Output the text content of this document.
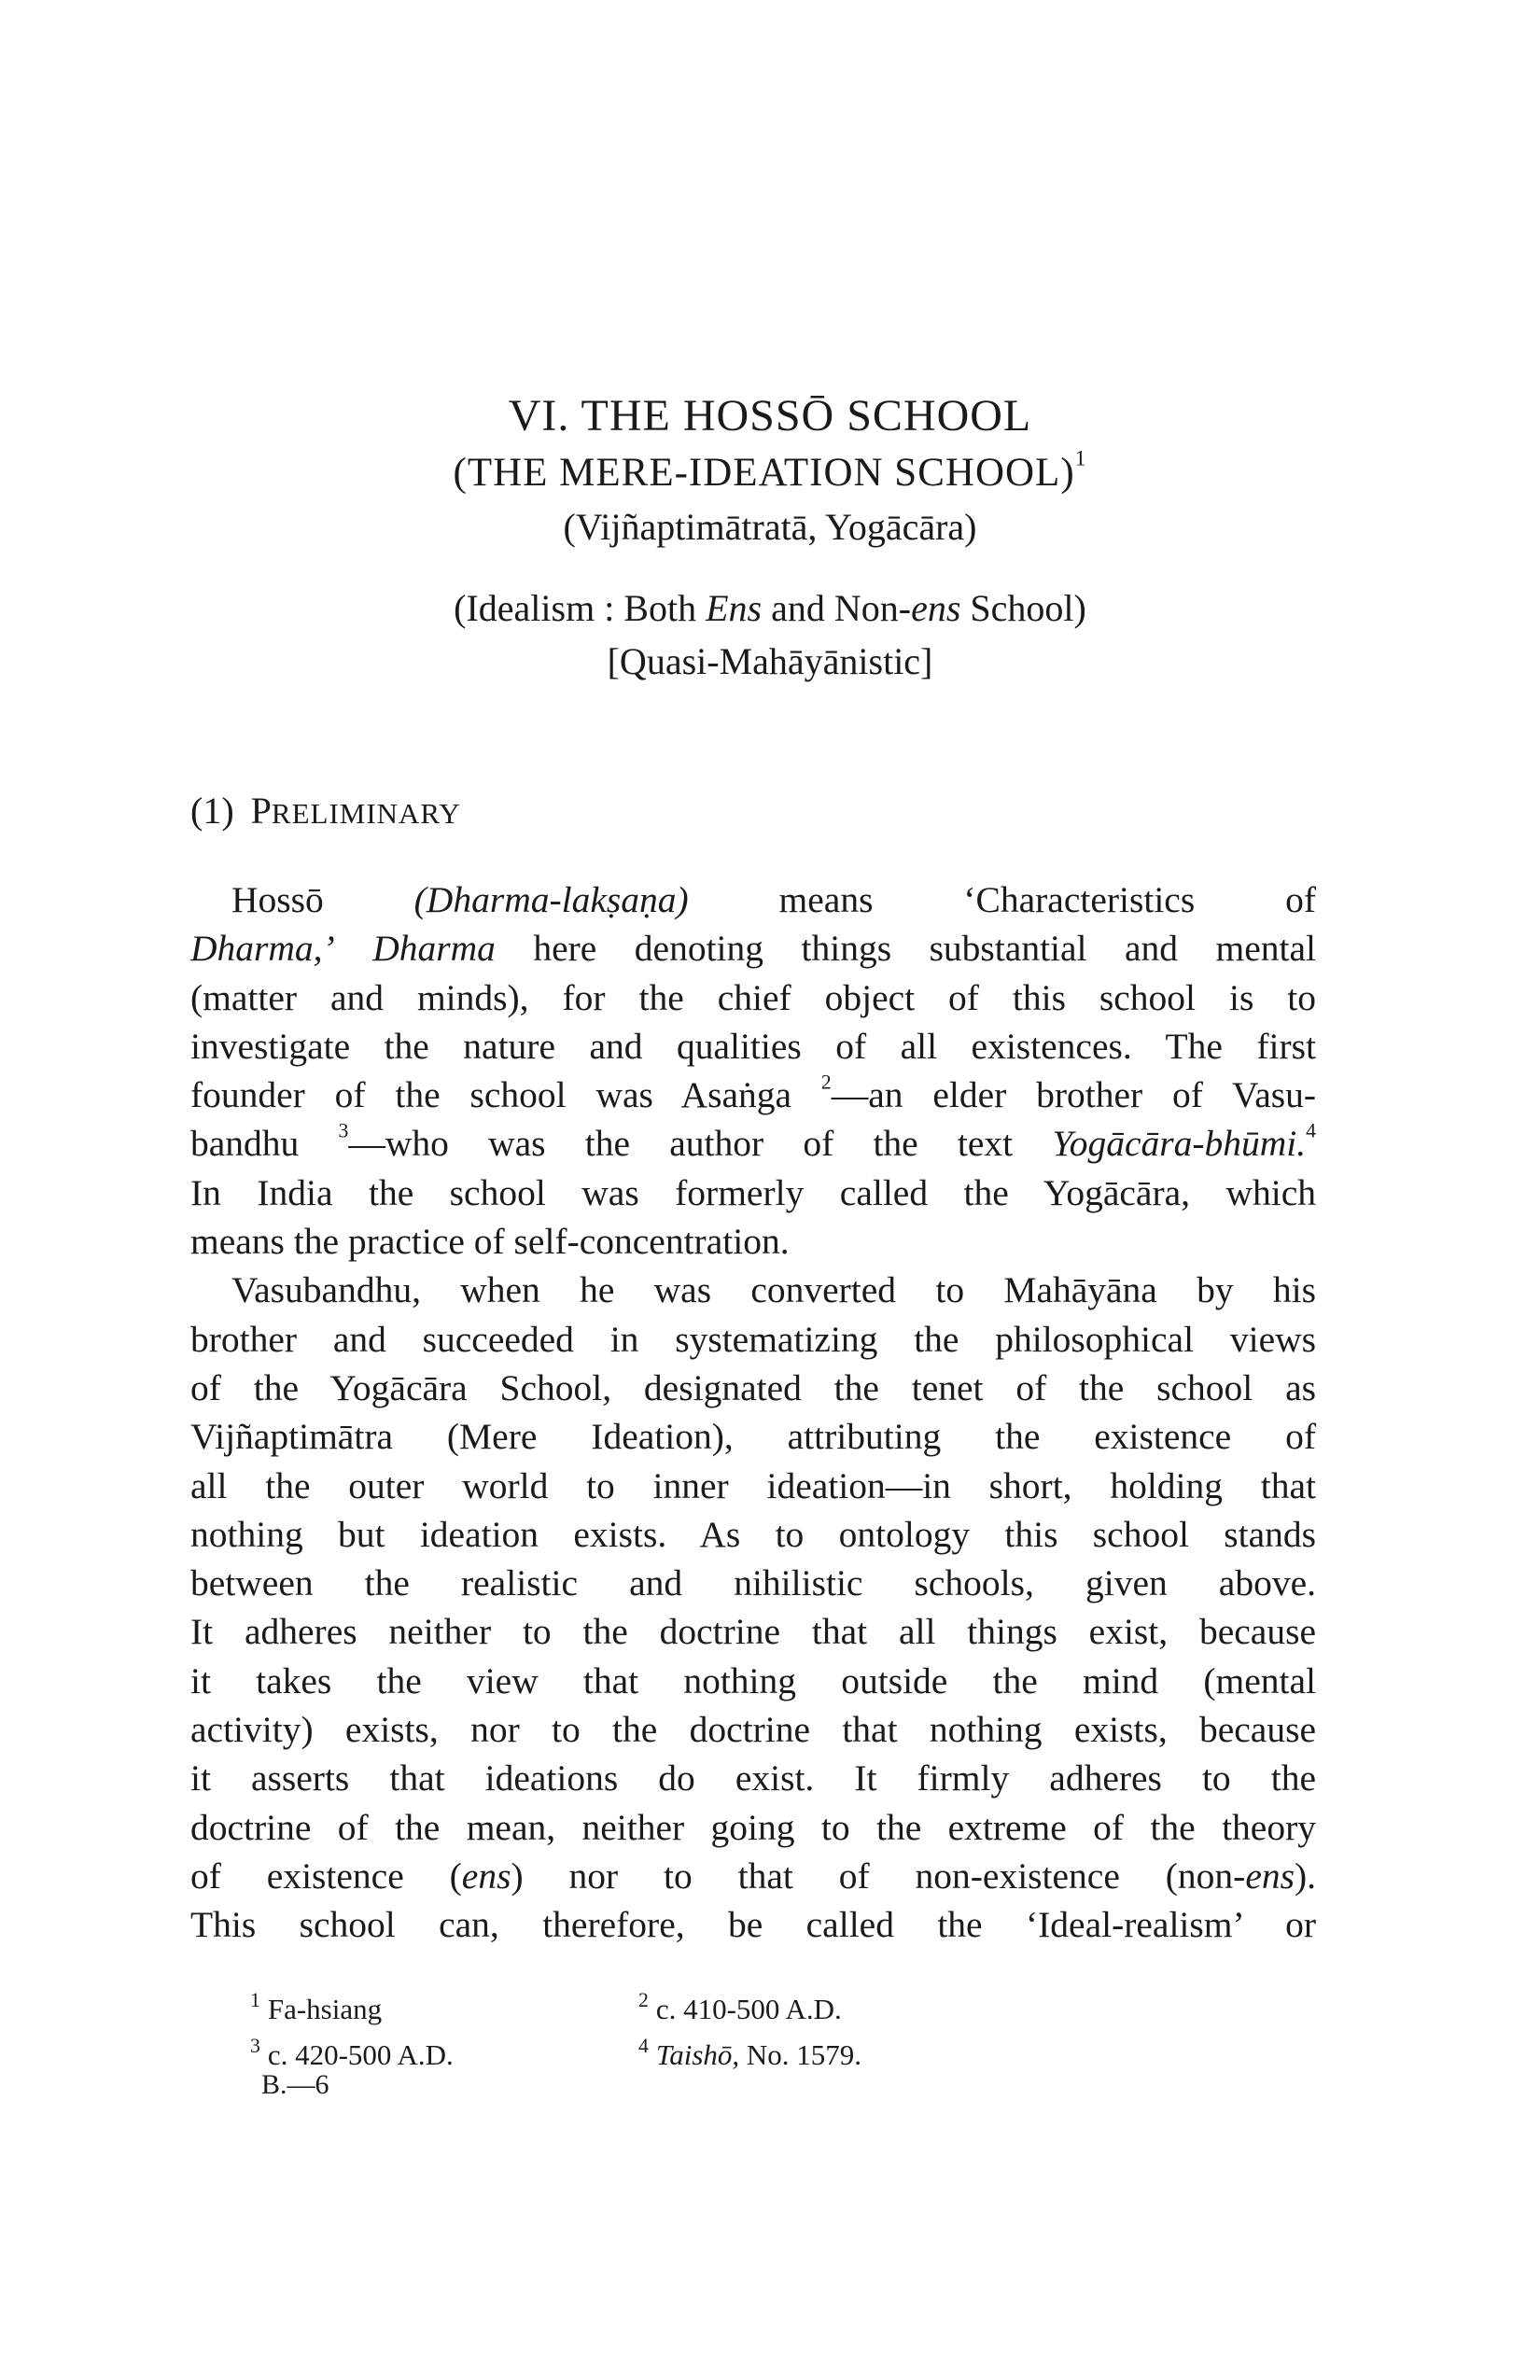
VI. THE HOSSŌ SCHOOL
(THE MERE-IDEATION SCHOOL)$^1$
(Vijñaptimātratā, Yogācāra)
(Idealism : Both Ens and Non-ens School)
[Quasi-Mahāyānistic]
(1) PRELIMINARY
Hossō (Dharma-lakṣaṇa) means ‘Characteristics of
Dharma,’ Dharma here denoting things substantial and mental
(matter and minds), for the chief object of this school is to
investigate the nature and qualities of all existences. The first
founder of the school was Asaṅga $^2$—an elder brother of Vasu-
bandhu $^3$—who was the author of the text Yogācāra-bhūmi.$^4$
In India the school was formerly called the Yogācāra, which
means the practice of self-concentration.
Vasubandhu, when he was converted to Mahāyāna by his
brother and succeeded in systematizing the philosophical views
of the Yogācāra School, designated the tenet of the school as
Vijñaptimātra (Mere Ideation), attributing the existence of
all the outer world to inner ideation—in short, holding that
nothing but ideation exists. As to ontology this school stands
between the realistic and nihilistic schools, given above.
It adheres neither to the doctrine that all things exist, because
it takes the view that nothing outside the mind (mental
activity) exists, nor to the doctrine that nothing exists, because
it asserts that ideations do exist. It firmly adheres to the
doctrine of the mean, neither going to the extreme of the theory
of existence (ens) nor to that of non-existence (non-ens).
This school can, therefore, be called the ‘Ideal-realism’ or
$^1$ Fa-hsiang	$^2$ c. 410-500 A.D.
$^3$ c. 420-500 A.D.	$^4$ Taishō, No. 1579.
B.—6
